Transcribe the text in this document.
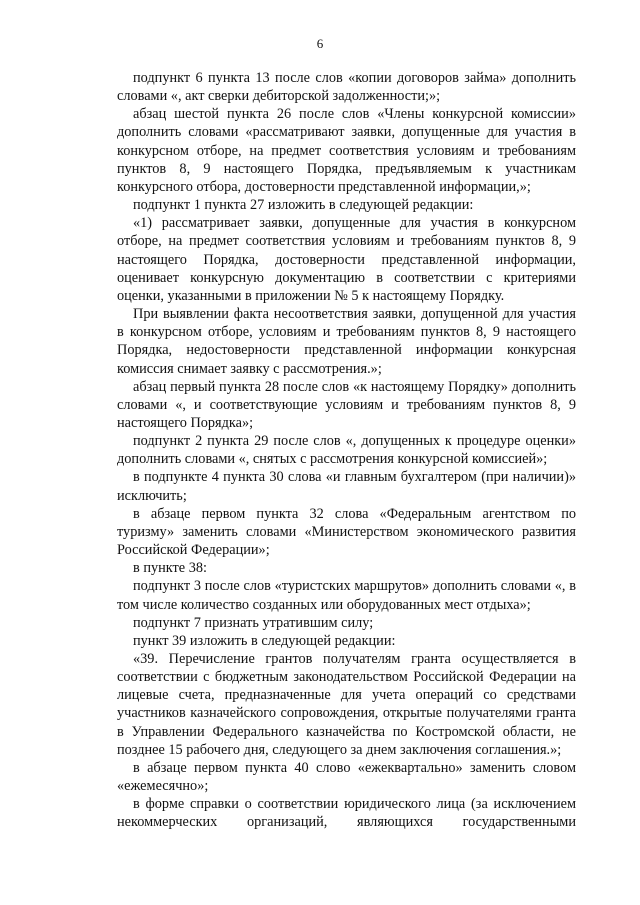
6

подпункт 6 пункта 13 после слов «копии договоров займа» дополнить словами «, акт сверки дебиторской задолженности;»;

абзац шестой пункта 26 после слов «Члены конкурсной комиссии» дополнить словами «рассматривают заявки, допущенные для участия в конкурсном отборе, на предмет соответствия условиям и требованиям пунктов 8, 9 настоящего Порядка, предъявляемым к участникам конкурсного отбора, достоверности представленной информации,»;

подпункт 1 пункта 27 изложить в следующей редакции:

«1) рассматривает заявки, допущенные для участия в конкурсном отборе, на предмет соответствия условиям и требованиям пунктов 8, 9 настоящего Порядка, достоверности представленной информации, оценивает конкурсную документацию в соответствии с критериями оценки, указанными в приложении № 5 к настоящему Порядку.

При выявлении факта несоответствия заявки, допущенной для участия в конкурсном отборе, условиям и требованиям пунктов 8, 9 настоящего Порядка, недостоверности представленной информации конкурсная комиссия снимает заявку с рассмотрения.»;

абзац первый пункта 28 после слов «к настоящему Порядку» дополнить словами «, и соответствующие условиям и требованиям пунктов 8, 9 настоящего Порядка»;

подпункт 2 пункта 29 после слов «, допущенных к процедуре оценки» дополнить словами «, снятых с рассмотрения конкурсной комиссией»;

в подпункте 4 пункта 30 слова «и главным бухгалтером (при наличии)» исключить;

в абзаце первом пункта 32 слова «Федеральным агентством по туризму» заменить словами «Министерством экономического развития Российской Федерации»;

в пункте 38:

подпункт 3 после слов «туристских маршрутов» дополнить словами «, в том числе количество созданных или оборудованных мест отдыха»;

подпункт 7 признать утратившим силу;

пункт 39 изложить в следующей редакции:

«39. Перечисление грантов получателям гранта осуществляется в соответствии с бюджетным законодательством Российской Федерации на лицевые счета, предназначенные для учета операций со средствами участников казначейского сопровождения, открытые получателями гранта в Управлении Федерального казначейства по Костромской области, не позднее 15 рабочего дня, следующего за днем заключения соглашения.»;

в абзаце первом пункта 40 слово «ежеквартально» заменить словом «ежемесячно»;

в форме справки о соответствии юридического лица (за исключением некоммерческих организаций, являющихся государственными
